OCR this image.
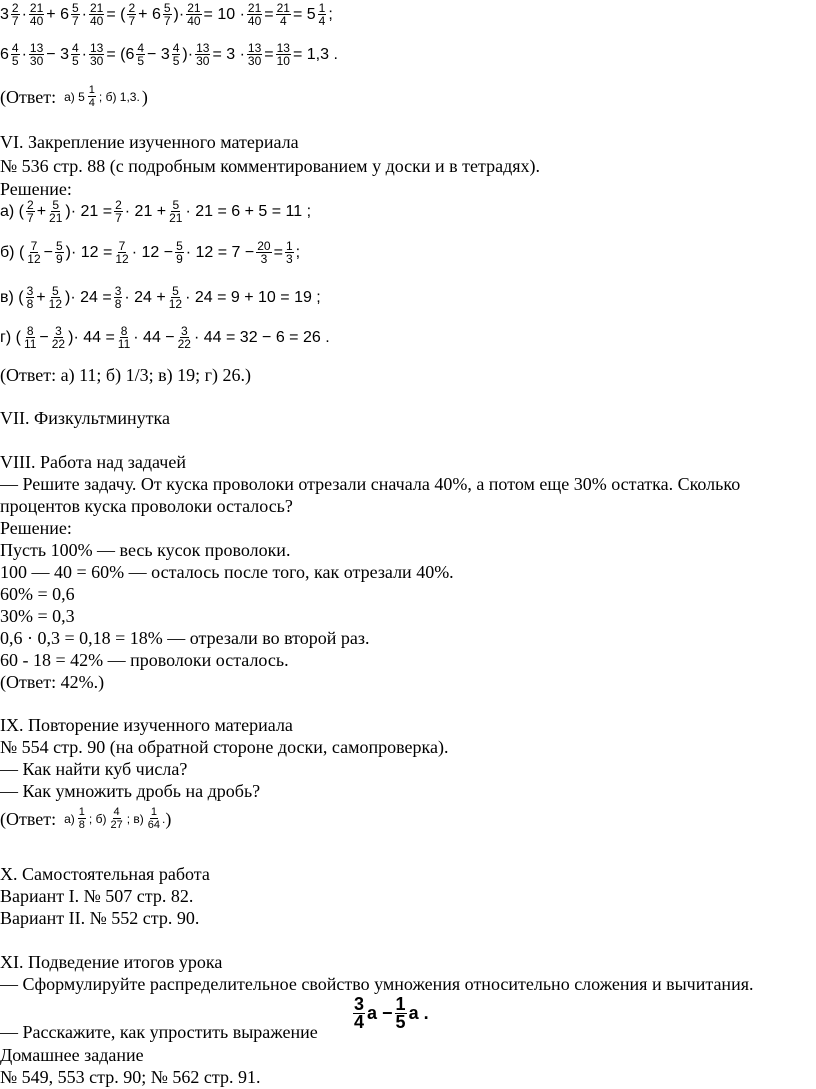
$3 \frac{2}{7} \cdot \frac{21}{40} + 6 \frac{5}{7} \cdot \frac{21}{40}$ = ( $\frac{2}{7} + 6 \frac{5}{7}$ )· $\frac{21}{40} = 10 \cdot \frac{21}{40} = \frac{21}{4} = 5 \frac{1}{4}$ ;
$6 \frac{4}{5} \cdot \frac{13}{30} - 3 \frac{4}{5} \cdot \frac{13}{30} = (6 \frac{4}{5} - 3 \frac{4}{5}$ )· $\frac{13}{30} = 3 \cdot \frac{13}{30} = \frac{13}{10} = 1,3$ .
(Ответ: а) $5 \frac{1}{4}$ ; б) 1,3. )
VI. Закрепление изученного материала
№ 536 стр. 88 (с подробным комментированием у доски и в тетрадях).
Решение:
а) ( $\frac{2}{7} + \frac{5}{21}$ )· $21 = \frac{2}{7} \cdot 21 + \frac{5}{21} \cdot 21 = 6 + 5 = 11$ ;
б) ( $\frac{7}{12} - \frac{5}{9}$ )· $12 = \frac{7}{12} \cdot 12 - \frac{5}{9} \cdot 12 = 7 - \frac{20}{3} = \frac{1}{3}$ ;
в) ( $\frac{3}{8} + \frac{5}{12}$ )· $24 = \frac{3}{8} \cdot 24 + \frac{5}{12} \cdot 24 = 9 + 10 = 19$ ;
г) ( $\frac{8}{11} - \frac{3}{22}$ )· $44 = \frac{8}{11} \cdot 44 - \frac{3}{22} \cdot 44 = 32 - 6 = 26$ .
(Ответ: а) 11; б) 1/3; в) 19; г) 26.)
VII. Физкультминутка
VIII. Работа над задачей
— Решите задачу. От куска проволоки отрезали сначала 40%, а потом еще 30% остатка. Сколько
процентов куска проволоки осталось?
Решение:
Пусть 100% — весь кусок проволоки.
100 — 40 = 60% — осталось после того, как отрезали 40%.
60% = 0,6
30% = 0,3
0,6 · 0,3 = 0,18 = 18% — отрезали во второй раз.
60 - 18 = 42% — проволоки осталось.
(Ответ: 42%.)
IX. Повторение изученного материала
№ 554 стр. 90 (на обратной стороне доски, самопроверка).
— Как найти куб числа?
— Как умножить дробь на дробь?
(Ответ: $а) \frac{1}{8}$ ; $б) \frac{4}{27}$ ; $в) \frac{1}{64}$ . )
X. Самостоятельная работа
Вариант I. № 507 стр. 82.
Вариант II. № 552 стр. 90.
XI. Подведение итогов урока
— Сформулируйте распределительное свойство умножения относительно сложения и вычитания.
— Расскажите, как упростить выражение
$\frac{3}{4}$ $a - \frac{1}{5}$ a .
Домашнее задание
№ 549, 553 стр. 90; № 562 стр. 91.
